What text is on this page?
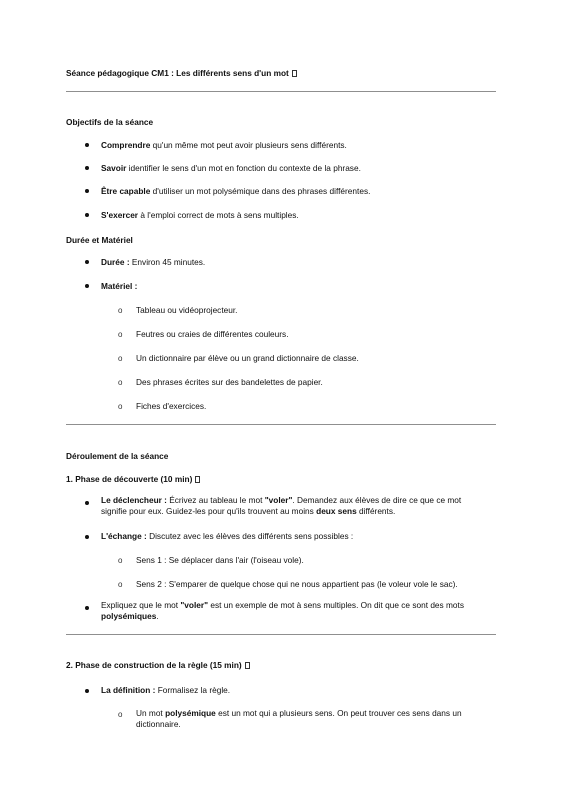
Séance pédagogique CM1 : Les différents sens d'un mot
Objectifs de la séance
Comprendre qu'un même mot peut avoir plusieurs sens différents.
Savoir identifier le sens d'un mot en fonction du contexte de la phrase.
Être capable d'utiliser un mot polysémique dans des phrases différentes.
S'exercer à l'emploi correct de mots à sens multiples.
Durée et Matériel
Durée : Environ 45 minutes.
Matériel :
o Tableau ou vidéoprojecteur.
o Feutres ou craies de différentes couleurs.
o Un dictionnaire par élève ou un grand dictionnaire de classe.
o Des phrases écrites sur des bandelettes de papier.
o Fiches d'exercices.
Déroulement de la séance
1. Phase de découverte (10 min)
Le déclencheur : Écrivez au tableau le mot "voler". Demandez aux élèves de dire ce que ce mot
signifie pour eux. Guidez-les pour qu'ils trouvent au moins deux sens différents.
L'échange : Discutez avec les élèves des différents sens possibles :
o Sens 1 : Se déplacer dans l'air (l'oiseau vole).
o Sens 2 : S'emparer de quelque chose qui ne nous appartient pas (le voleur vole le sac).
Expliquez que le mot "voler" est un exemple de mot à sens multiples. On dit que ce sont des mots
polysémiques.
2. Phase de construction de la règle (15 min)
La définition : Formalisez la règle.
o Un mot polysémique est un mot qui a plusieurs sens. On peut trouver ces sens dans un
dictionnaire.
